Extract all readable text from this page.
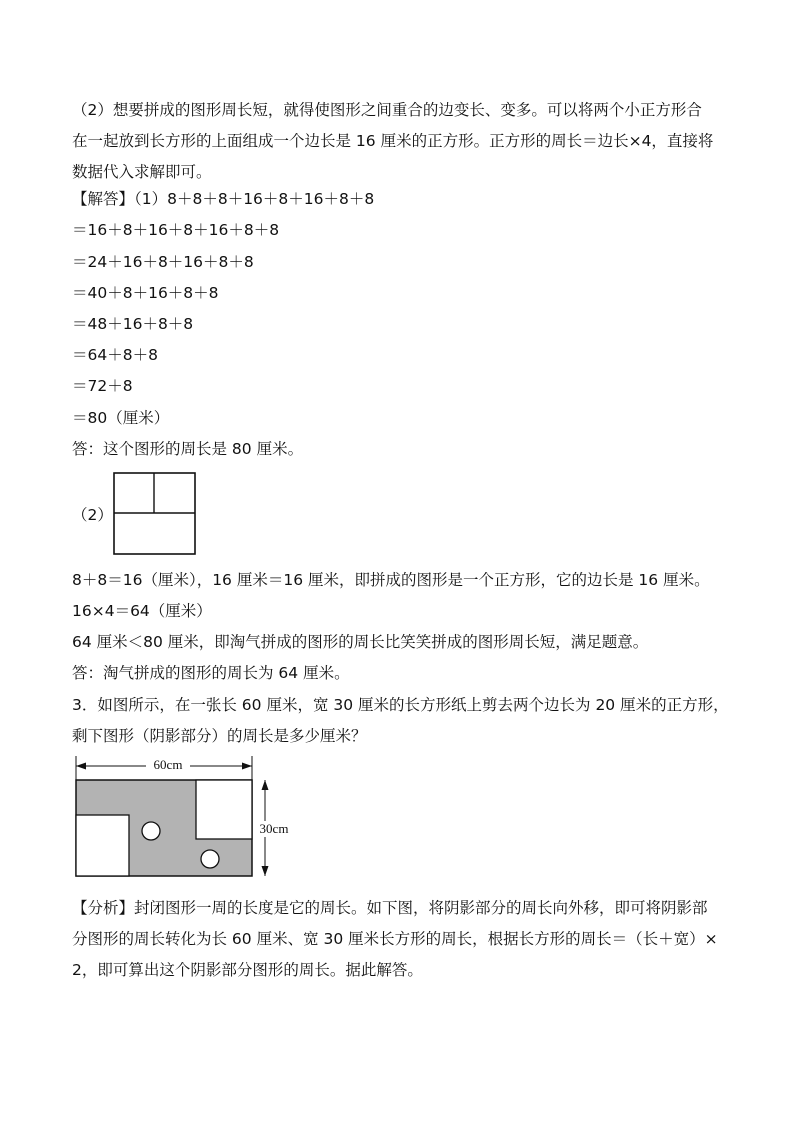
（2）想要拼成的图形周长短，就得使图形之间重合的边变长、变多。可以将两个小正方形合
在一起放到长方形的上面组成一个边长是 16 厘米的正方形。正方形的周长＝边长×4，直接将
数据代入求解即可。
【解答】（1）8＋8＋8＋16＋8＋16＋8＋8
＝16＋8＋16＋8＋16＋8＋8
＝24＋16＋8＋16＋8＋8
＝40＋8＋16＋8＋8
＝48＋16＋8＋8
＝64＋8＋8
＝72＋8
＝80（厘米）
答：这个图形的周长是 80 厘米。
（2）
8＋8＝16（厘米），16 厘米＝16 厘米，即拼成的图形是一个正方形，它的边长是 16 厘米。
16×4＝64（厘米）
64 厘米＜80 厘米，即淘气拼成的图形的周长比笑笑拼成的图形周长短，满足题意。
答：淘气拼成的图形的周长为 64 厘米。
3．如图所示，在一张长 60 厘米，宽 30 厘米的长方形纸上剪去两个边长为 20 厘米的正方形，
剩下图形（阴影部分）的周长是多少厘米？
60cm
30cm
【分析】封闭图形一周的长度是它的周长。如下图，将阴影部分的周长向外移，即可将阴影部
分图形的周长转化为长 60 厘米、宽 30 厘米长方形的周长，根据长方形的周长＝（长＋宽）×
2，即可算出这个阴影部分图形的周长。据此解答。
